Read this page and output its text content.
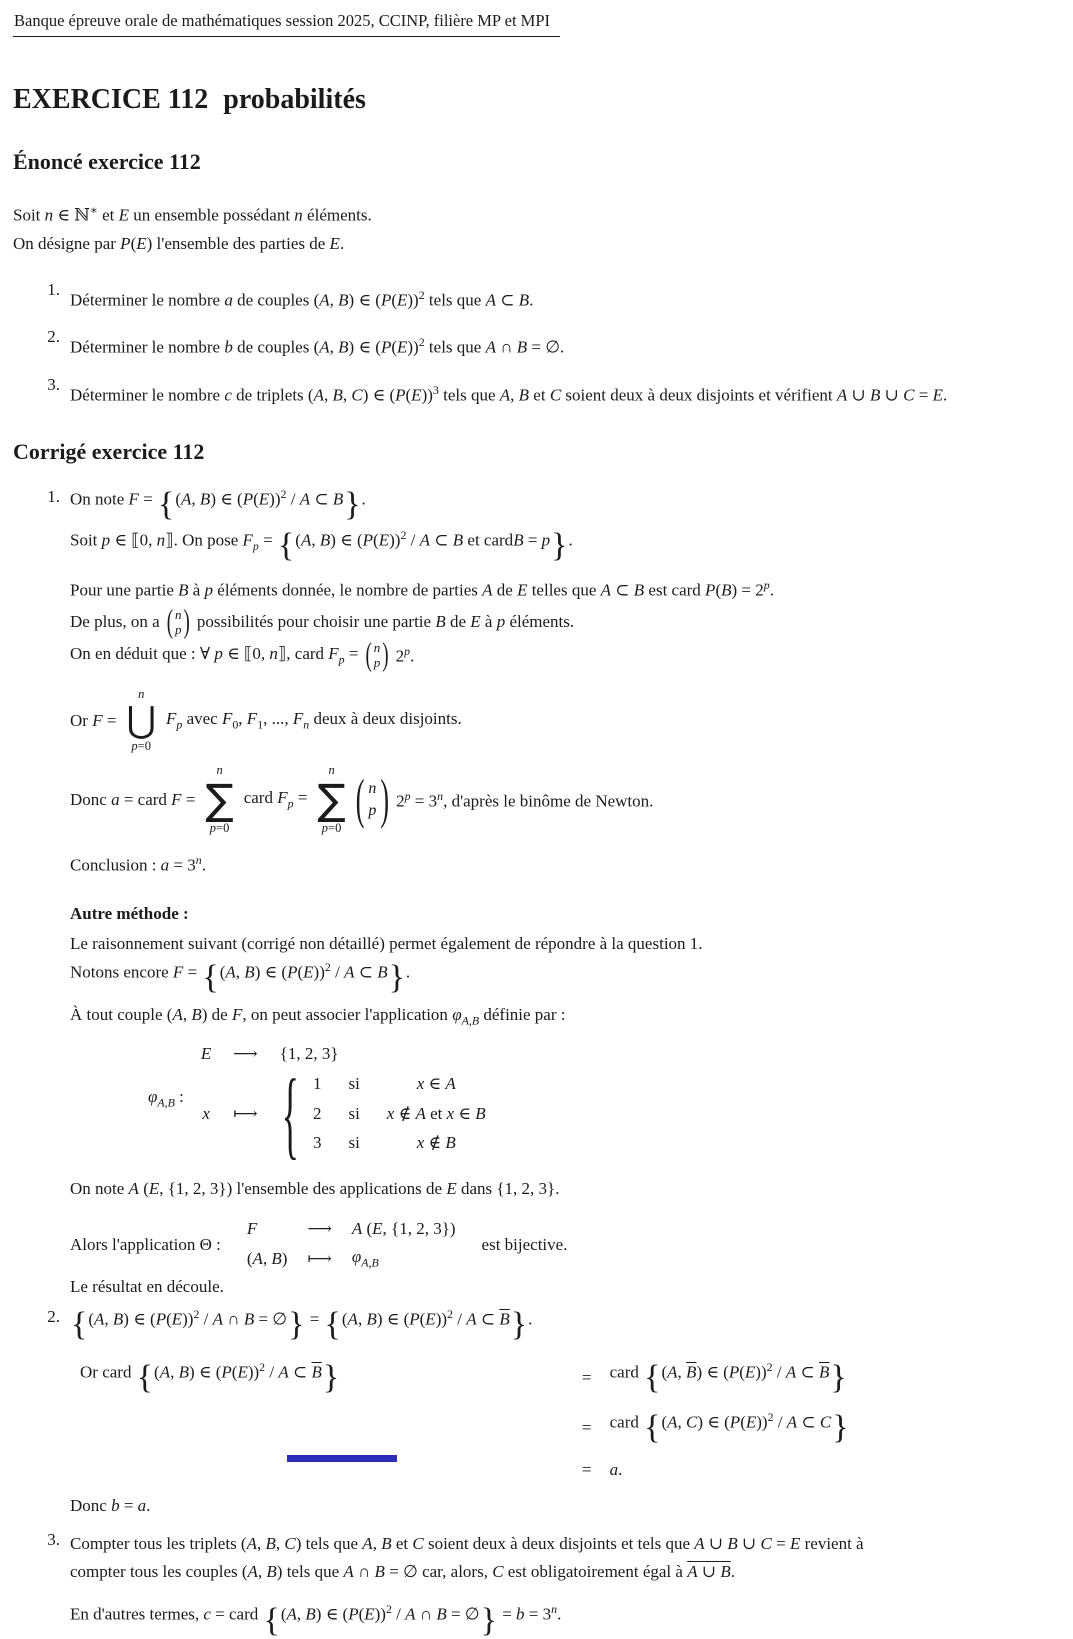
Banque épreuve orale de mathématiques session 2025, CCINP, filière MP et MPI
EXERCICE 112 probabilités
Énoncé exercice 112
Soit n ∈ ℕ∗ et E un ensemble possédant n éléments.
On désigne par P(E) l'ensemble des parties de E.
1.
Déterminer le nombre a de couples (A, B) ∈ $(P(E))^2$ tels que A ⊂ B.
2.
Déterminer le nombre b de couples (A, B) ∈ $(P(E))^2$ tels que A ∩ B = ∅.
3.
Déterminer le nombre c de triplets (A, B, C) ∈ $(P(E))^3$ tels que A, B et C soient deux à deux disjoints et vérifient A ∪ B ∪ C = E.
Corrigé exercice 112
1. On note F = {(A, B) ∈ $(P(E))^2$ / A ⊂ B}.
Soit p ∈ ⟦0, n⟧. On pose $F_p = \{(A$, B) ∈ $(P(E))^2$ / A ⊂ B et cardB = p}.
Pour une partie B à p éléments donnée, le nombre de parties A de E telles que A ⊂ B est card $P(B) = 2^p$.
De plus, on a ( n
p ) possibilités pour choisir une partie B de E à p éléments.
On en déduit que : ∀ p ∈ ⟦0, n⟧, card $F_p$ = ( n
p ) 2$^p$.
Or F =
n
⋃
p=0
$F_p$ avec $F_0$, $F_1$, ..., $F_n$ deux à deux disjoints.
Donc a = card F =
n
∑
p=0
card $F_p$ =
n
∑
p=0 ( n
p ) $2^p = 3^n$, d'après le binôme de Newton.
Conclusion : $a = 3^n$.
Autre méthode :
Le raisonnement suivant (corrigé non détaillé) permet également de répondre à la question 1.
Notons encore F = {(A, B) ∈ $(P(E))^2$ / A ⊂ B}.
À tout couple (A, B) de F, on peut associer l'application $\varphi_{A,B}$ définie par :
$\varphi_{A,B}$ :
E ⟶ {1, 2, 3}
x ⟼ { 1 si	x ∈ A
2 si x ∉ A et x ∈ B
3 si	x ∉ B
On note A (E, {1, 2, 3}) l'ensemble des applications de E dans {1, 2, 3}.
Alors l'application Θ :
F	⟶ A (E, {1, 2, 3})
(A, B) ⟼ $\varphi_{A,B}$
est bijective.
Le résultat en découle.
2. {(A, B) ∈ $(P(E))^2$ / A ∩ B = ∅} = {(A, B) ∈ $(P(E))^2$ / A ⊂ $\overline{B}$}.
Or card {(A, B) ∈ $(P(E))^2$ / A ⊂ $\overline{B}$}	= card {(A, $\overline{B}$) ∈ $(P(E))^2$ / A ⊂ $\overline{B}$}
= card {(A, C) ∈ $(P(E))^2$ / A ⊂ C}
= a.
Donc b = a.
3. Compter tous les triplets (A, B, C) tels que A, B et C soient deux à deux disjoints et tels que A ∪ B ∪ C = E revient à compter tous les couples (A, B) tels que A ∩ B = ∅ car, alors, C est obligatoirement égal à A ∪ B.
En d'autres termes, c = card {(A, B) ∈ $(P(E))^2$ / A ∩ B = ∅} = $b = 3^n$.
